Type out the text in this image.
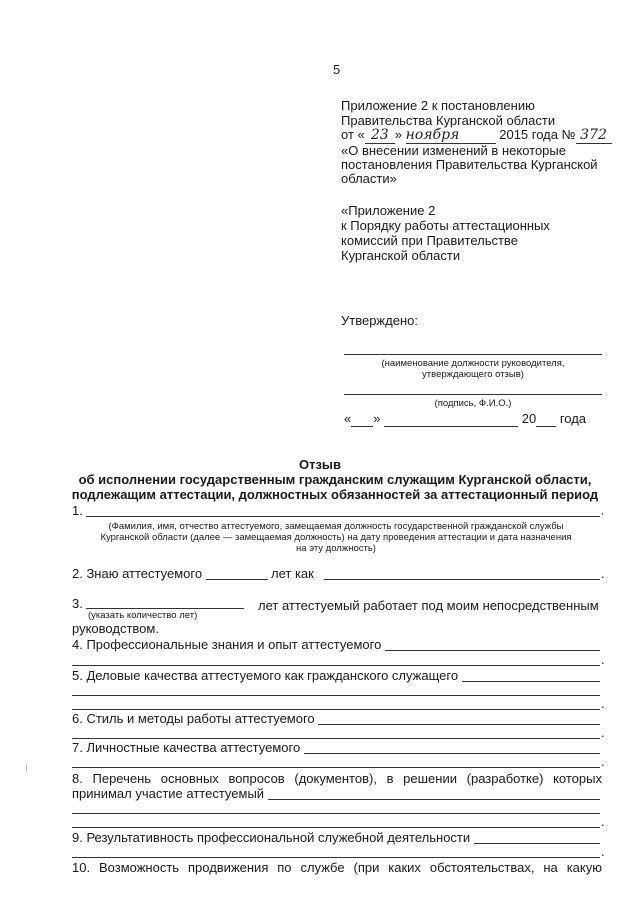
5
Приложение 2 к постановлению
Правительства Курганской области
от « 23 » ноября	2015 года № 372
«О внесении изменений в некоторые
постановления Правительства Курганской
области»
«Приложение 2
к Порядку работы аттестационных
комиссий при Правительстве
Курганской области
Утверждено:
(наименование должности руководителя,
утверждающего отзыв)
(подпись, Ф.И.О.)
« »	20 года
Отзыв
об исполнении государственным гражданским служащим Курганской области,
подлежащим аттестации, должностных обязанностей за аттестационный период
1.	,
(Фамилия, имя, отчество аттестуемого, замещаемая должность государственной гражданской службы
Курганской области (далее — замещаемая должность) на дату проведения аттестации и дата назначения
на эту должность)
2. Знаю аттестуемого	лет как	.
3.	лет аттестуемый работает под моим непосредственным
(указать количество лет)
руководством.
4. Профессиональные знания и опыт аттестуемого
.
5. Деловые качества аттестуемого как гражданского служащего
.
6. Стиль и методы работы аттестуемого
.
7. Личностные качества аттестуемого
.
8. Перечень основных вопросов (документов), в решении (разработке) которых
принимал участие аттестуемый
.
9. Результативность профессиональной служебной деятельности
.
10. Возможность продвижения по службе (при каких обстоятельствах, на какую
